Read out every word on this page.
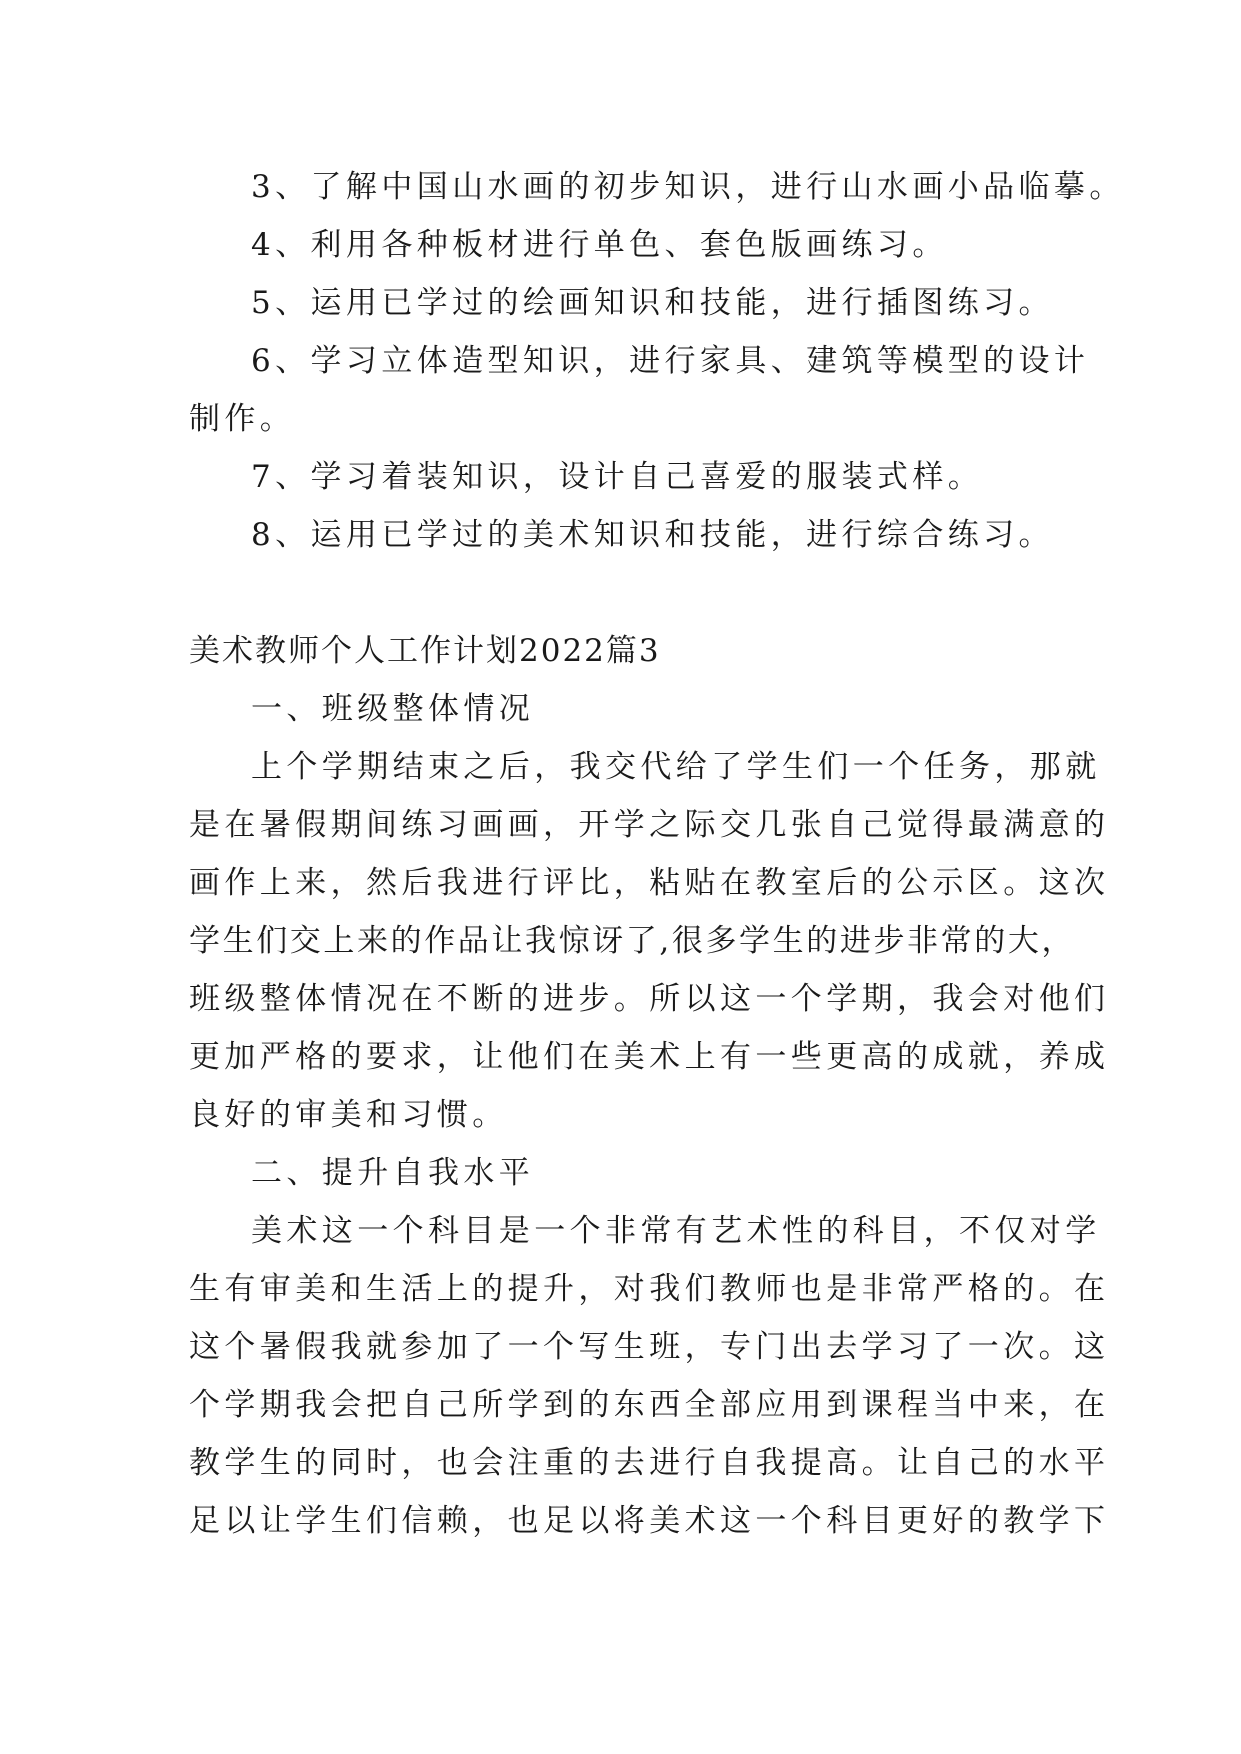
3、了解中国山水画的初步知识，进行山水画小品临摹。
4、利用各种板材进行单色、套色版画练习。
5、运用已学过的绘画知识和技能，进行插图练习。
6、学习立体造型知识，进行家具、建筑等模型的设计
制作。
7、学习着装知识，设计自己喜爱的服装式样。
8、运用已学过的美术知识和技能，进行综合练习。
美术教师个人工作计划2022篇3
一、班级整体情况
上个学期结束之后，我交代给了学生们一个任务，那就
是在暑假期间练习画画，开学之际交几张自己觉得最满意的
画作上来，然后我进行评比，粘贴在教室后的公示区。这次
学生们交上来的作品让我惊讶了,很多学生的进步非常的大，
班级整体情况在不断的进步。所以这一个学期，我会对他们
更加严格的要求，让他们在美术上有一些更高的成就，养成
良好的审美和习惯。
二、提升自我水平
美术这一个科目是一个非常有艺术性的科目，不仅对学
生有审美和生活上的提升，对我们教师也是非常严格的。在
这个暑假我就参加了一个写生班，专门出去学习了一次。这
个学期我会把自己所学到的东西全部应用到课程当中来，在
教学生的同时，也会注重的去进行自我提高。让自己的水平
足以让学生们信赖，也足以将美术这一个科目更好的教学下
